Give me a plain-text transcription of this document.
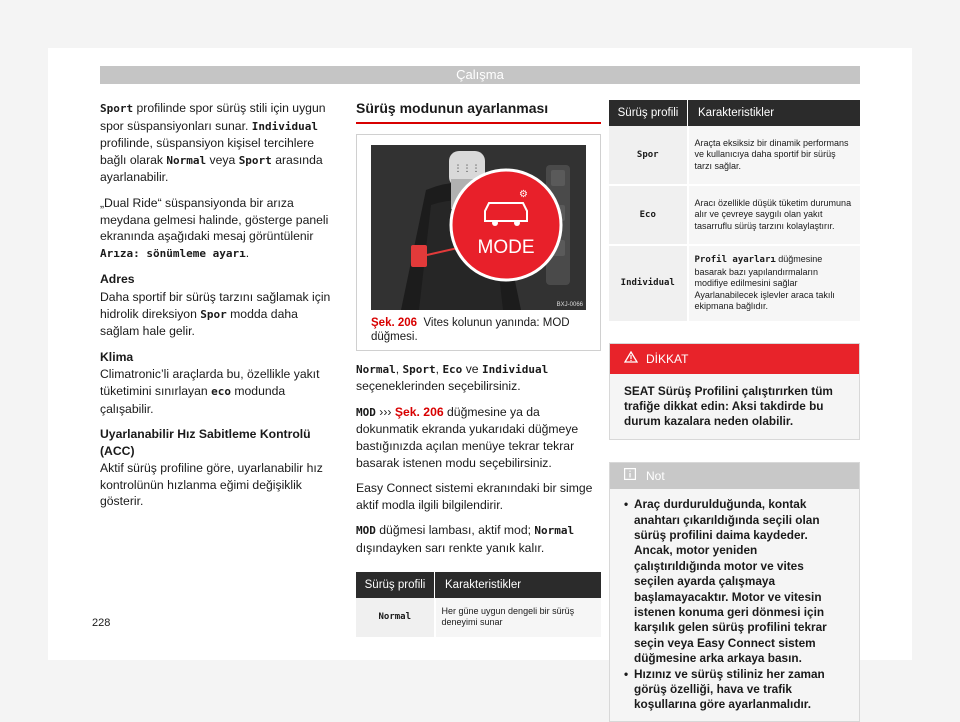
Çalışma

Sport profilinde spor sürüş stili için uygun spor süspansiyonları sunar. Individual profilinde, süspansiyon kişisel tercihlere bağlı olarak Normal veya Sport arasında ayarlanabilir.

„Dual Ride“ süspansiyonda bir arıza meydana gelmesi halinde, gösterge paneli ekranında aşağıdaki mesaj görüntülenir Arıza: sönümleme ayarı.

Adres

Daha sportif bir sürüş tarzını sağlamak için hidrolik direksiyon Spor modda daha sağlam hale gelir.

Klima

Climatronic’li araçlarda bu, özellikle yakıt tüketimini sınırlayan eco modunda çalışabilir.

Uyarlanabilir Hız Sabitleme Kontrolü (ACC)

Aktif sürüş profiline göre, uyarlanabilir hız kontrolünün hızlanma eğimi değişiklik gösterir.

Sürüş modunun ayarlanması
⋮⋮⋮
⚙
MODE
BXJ-0066
Şek. 206 Vites kolunun yanında: MOD düğmesi.

Normal, Sport, Eco ve Individual seçeneklerinden seçebilirsiniz.

MOD ››› Şek. 206 düğmesine ya da dokunmatik ekranda yukarıdaki düğmeye bastığınızda açılan menüye tekrar tekrar basarak istenen modu seçebilirsiniz.

Easy Connect sistemi ekranındaki bir simge aktif modla ilgili bilgilendirir.

MOD düğmesi lambası, aktif mod; Normal dışındayken sarı renkte yanık kalır.

Sürüş profili	Karakteristikler
Normal	Her güne uygun dengeli bir sürüş deneyimi sunar
Sürüş profili	Karakteristikler
Spor	Araçta eksiksiz bir dinamik performans ve kullanıcıya daha sportif bir sürüş tarzı sağlar.
Eco	Aracı özellikle düşük tüketim durumuna alır ve çevreye saygılı olan yakıt tasarruflu sürüş tarzını kolaylaştırır.
Individual	Profil ayarları düğmesine basarak bazı yapılandırmaların modifiye edilmesini sağlar Ayarlanabilecek işlevler araca takılı ekipmana bağlıdır.
DİKKAT
SEAT Sürüş Profilini çalıştırırken tüm trafiğe dikkat edin: Aksi takdirde bu durum kazalara neden olabilir.
Not
• Araç durdurulduğunda, kontak anahtarı çıkarıldığında seçili olan sürüş profilini daima kaydeder. Ancak, motor yeniden çalıştırıldığında motor ve vites seçilen ayarda çalışmaya başlamayacaktır. Motor ve vitesin istenen konuma geri dönmesi için karşılık gelen sürüş profilini tekrar seçin veya Easy Connect sistem düğmesine arka arkaya basın.
• Hızınız ve sürüş stiliniz her zaman görüş özelliği, hava ve trafik koşullarına göre ayarlanmalıdır.
228
